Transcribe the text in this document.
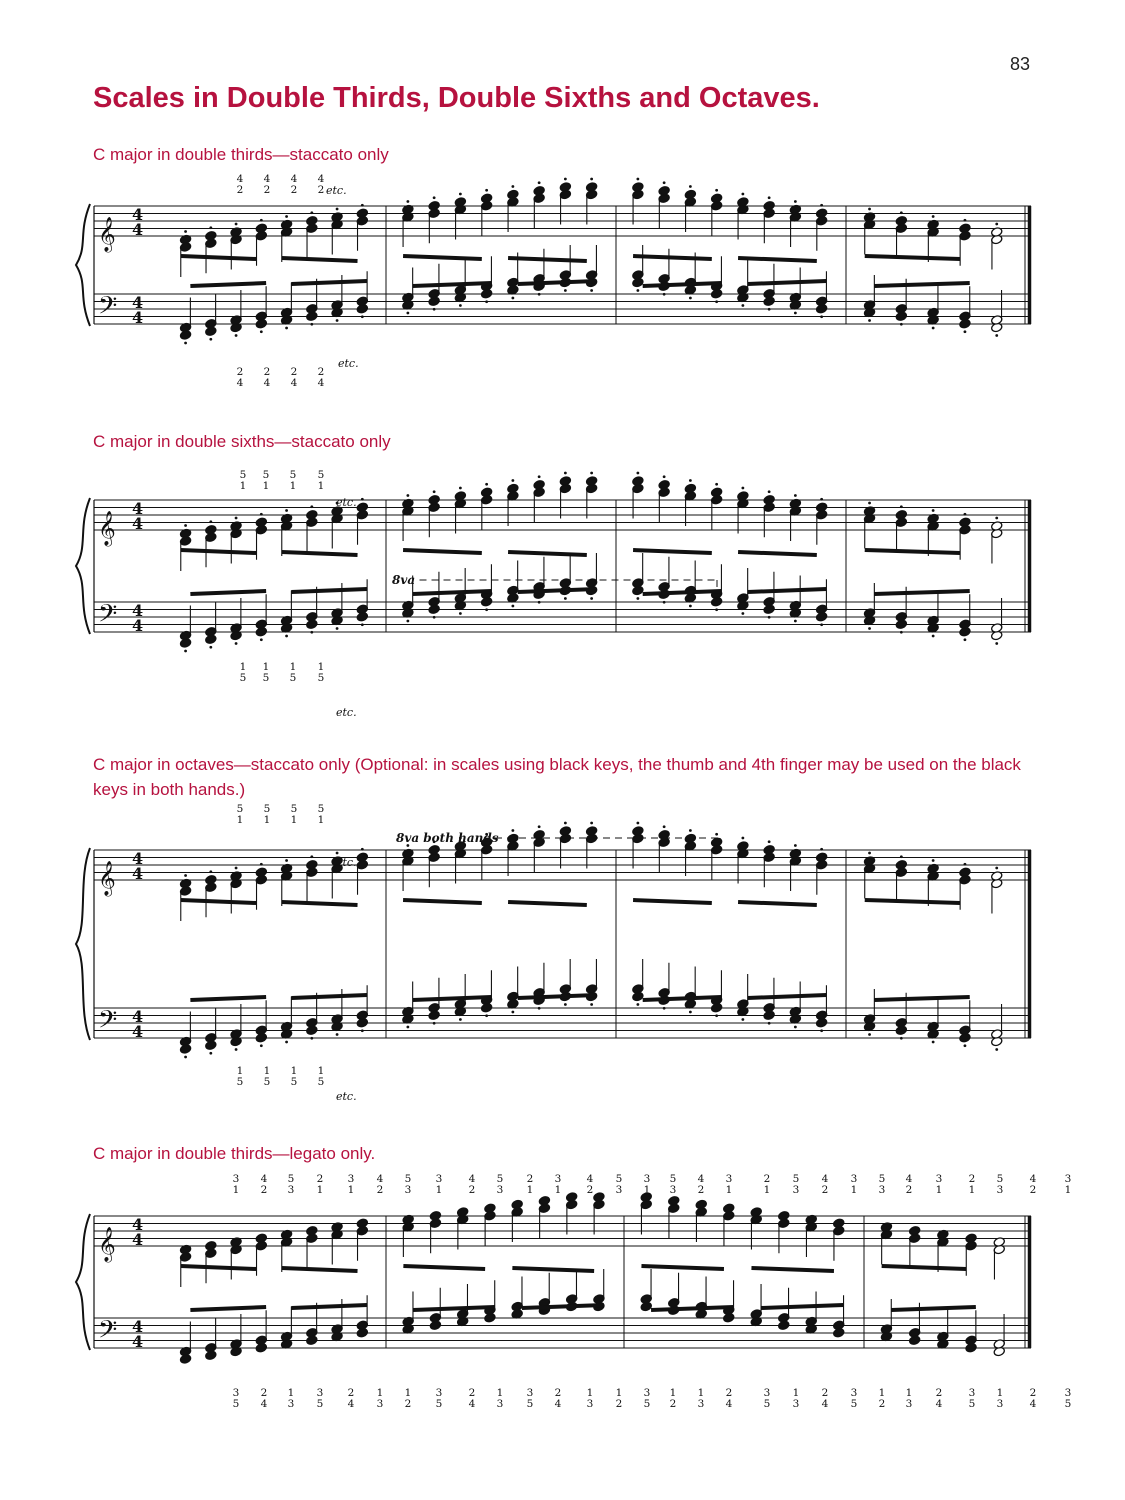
83
Scales in Double Thirds, Double Sixths and Octaves.
C major in double thirds—staccato only
C major in double sixths—staccato only
C major in octaves—staccato only (Optional: in scales using black keys, the thumb and 4th finger may be used on the black keys in both hands.)
C major in double thirds—legato only.
𝄞
𝄢
4
4
4
4
4
2
2
4
4
2
2
4
4
2
2
4
4
2
2
4
etc.
etc.
𝄞
𝄢
4
4
4
4
5
1
1
5
5
1
1
5
5
1
1
5
5
1
1
5
etc.
etc.
8va
𝄞
𝄢
4
4
4
4
5
1
1
5
5
1
1
5
5
1
1
5
5
1
1
5
etc.
etc.
8va both hands
𝄞
𝄢
4
4
4
4
3
1
3
5
4
2
2
4
5
3
1
3
2
1
3
5
3
1
2
4
4
2
1
3
5
3
1
2
3
1
3
5
4
2
2
4
5
3
1
3
2
1
3
5
3
1
2
4
4
2
1
3
5
3
1
2
3
1
3
5
5
3
1
2
4
2
1
3
3
1
2
4
2
1
3
5
5
3
1
3
4
2
2
4
3
1
3
5
5
3
1
2
4
2
1
3
3
1
2
4
2
1
3
5
5
3
1
3
4
2
2
4
3
1
3
5
